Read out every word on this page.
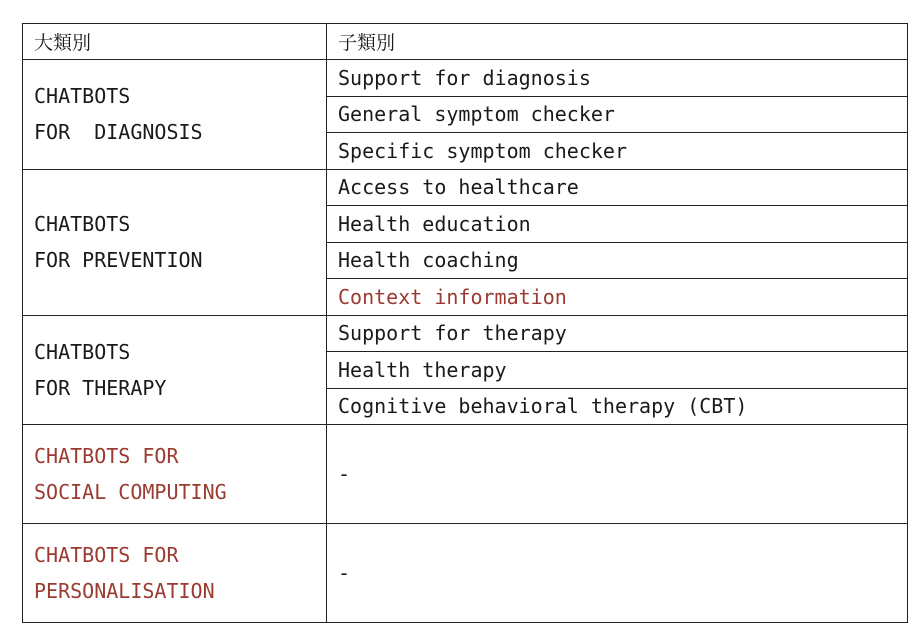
大類別	子類別

CHATBOTS
FOR  DIAGNOSIS	Support for diagnosis
	General symptom checker
	Specific symptom checker

CHATBOTS
FOR PREVENTION	Access to healthcare
	Health education
	Health coaching
	Context information

CHATBOTS
FOR THERAPY	Support for therapy
	Health therapy
	Cognitive behavioral therapy (CBT)

CHATBOTS FOR
SOCIAL COMPUTING	-

CHATBOTS FOR
PERSONALISATION	-
